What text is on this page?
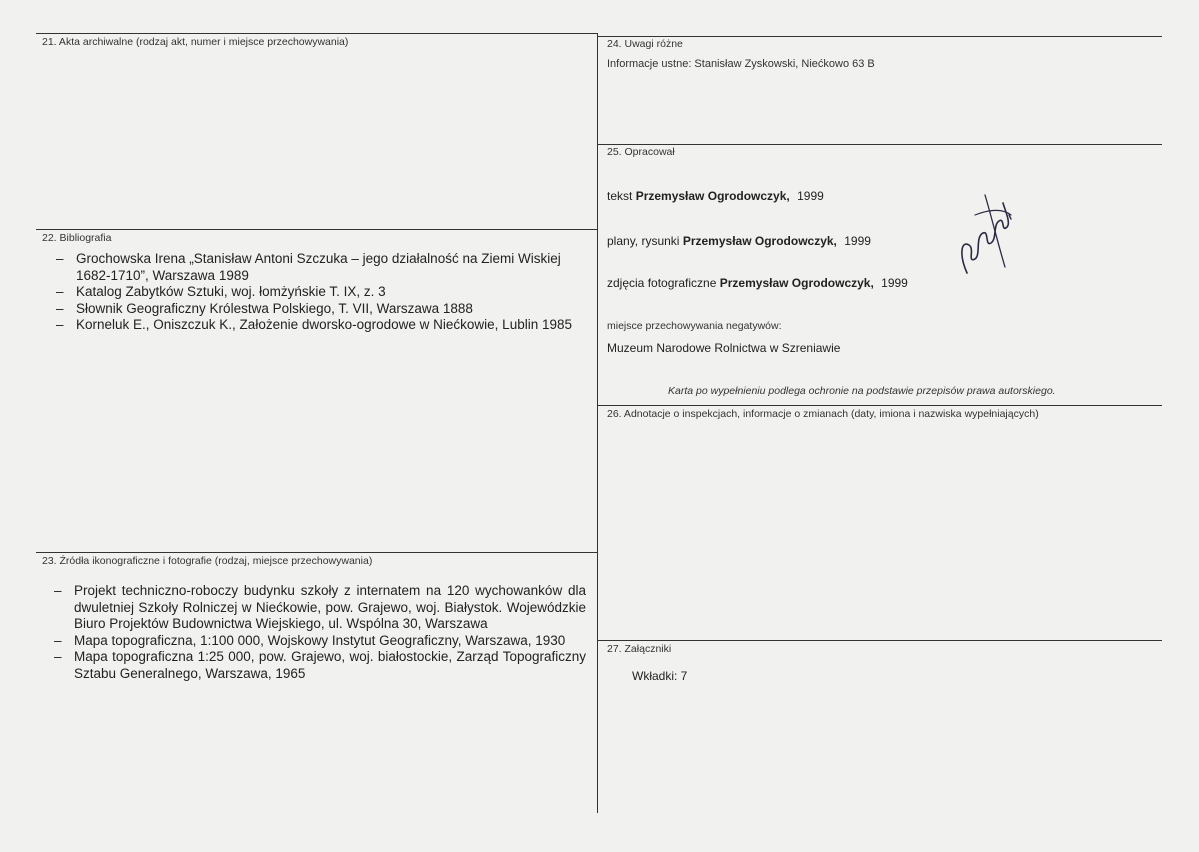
21. Akta archiwalne (rodzaj akt, numer i miejsce przechowywania)
22. Bibliografia
– Grochowska Irena „Stanisław Antoni Szczuka – jego działalność na Ziemi Wiskiej 1682-1710”, Warszawa 1989
– Katalog Zabytków Sztuki, woj. łomżyńskie T. IX, z. 3
– Słownik Geograficzny Królestwa Polskiego, T. VII, Warszawa 1888
– Korneluk E., Oniszczuk K., Założenie dworsko-ogrodowe w Niećkowie, Lublin 1985
23. Źródła ikonograficzne i fotografie (rodzaj, miejsce przechowywania)
– Projekt techniczno-roboczy budynku szkoły z internatem na 120 wychowanków dla dwuletniej Szkoły Rolniczej w Niećkowie, pow. Grajewo, woj. Białystok. Wojewódzkie Biuro Projektów Budownictwa Wiejskiego, ul. Wspólna 30, Warszawa
– Mapa topograficzna, 1:100 000, Wojskowy Instytut Geograficzny, Warszawa, 1930
– Mapa topograficzna 1:25 000, pow. Grajewo, woj. białostockie, Zarząd Topograficzny Sztabu Generalnego, Warszawa, 1965
24. Uwagi różne
Informacje ustne: Stanisław Zyskowski, Niećkowo 63 B
25. Opracował
tekst Przemysław Ogrodowczyk, 1999
plany, rysunki Przemysław Ogrodowczyk, 1999
zdjęcia fotograficzne Przemysław Ogrodowczyk, 1999
miejsce przechowywania negatywów:
Muzeum Narodowe Rolnictwa w Szreniawie
Karta po wypełnieniu podlega ochronie na podstawie przepisów prawa autorskiego.
26. Adnotacje o inspekcjach, informacje o zmianach (daty, imiona i nazwiska wypełniających)
27. Załączniki
Wkładki: 7
